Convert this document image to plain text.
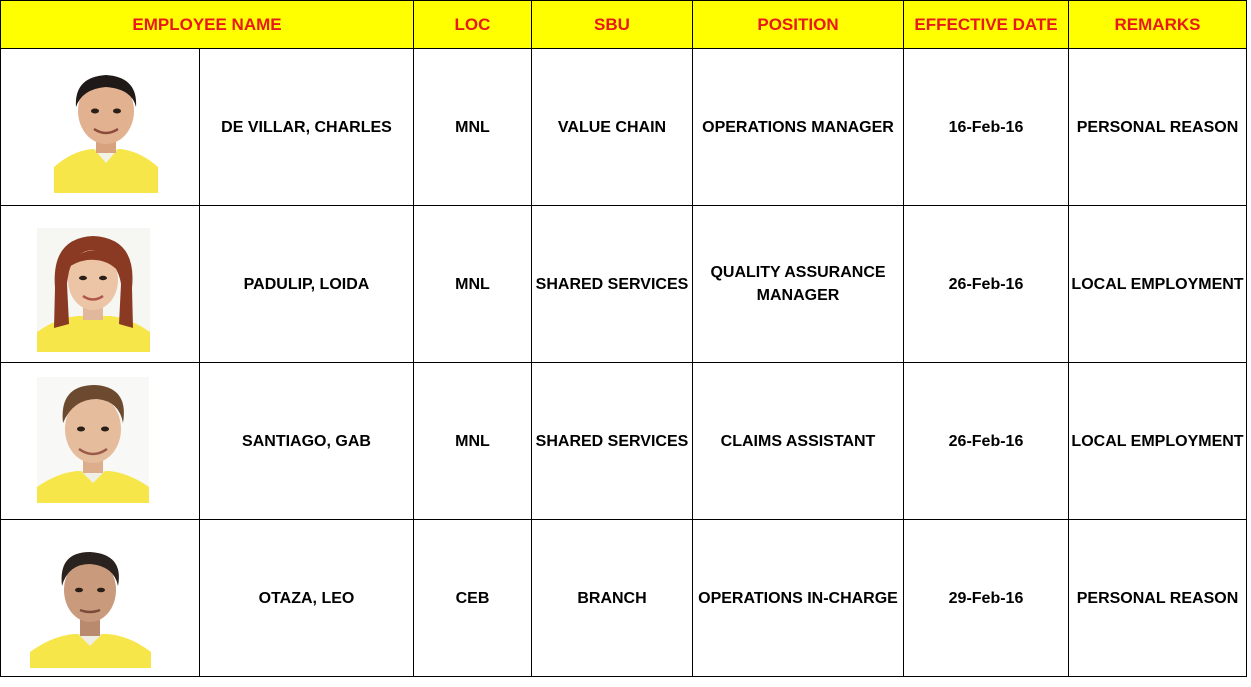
EMPLOYEE NAME		LOC	SBU	POSITION	EFFECTIVE DATE	REMARKS

	DE VILLAR, CHARLES	MNL	VALUE CHAIN	OPERATIONS MANAGER	16-Feb-16	PERSONAL REASON

	PADULIP, LOIDA	MNL	SHARED SERVICES	QUALITY ASSURANCE MANAGER	26-Feb-16	LOCAL EMPLOYMENT

	SANTIAGO, GAB	MNL	SHARED SERVICES	CLAIMS ASSISTANT	26-Feb-16	LOCAL EMPLOYMENT

	OTAZA, LEO	CEB	BRANCH	OPERATIONS IN-CHARGE	29-Feb-16	PERSONAL REASON
